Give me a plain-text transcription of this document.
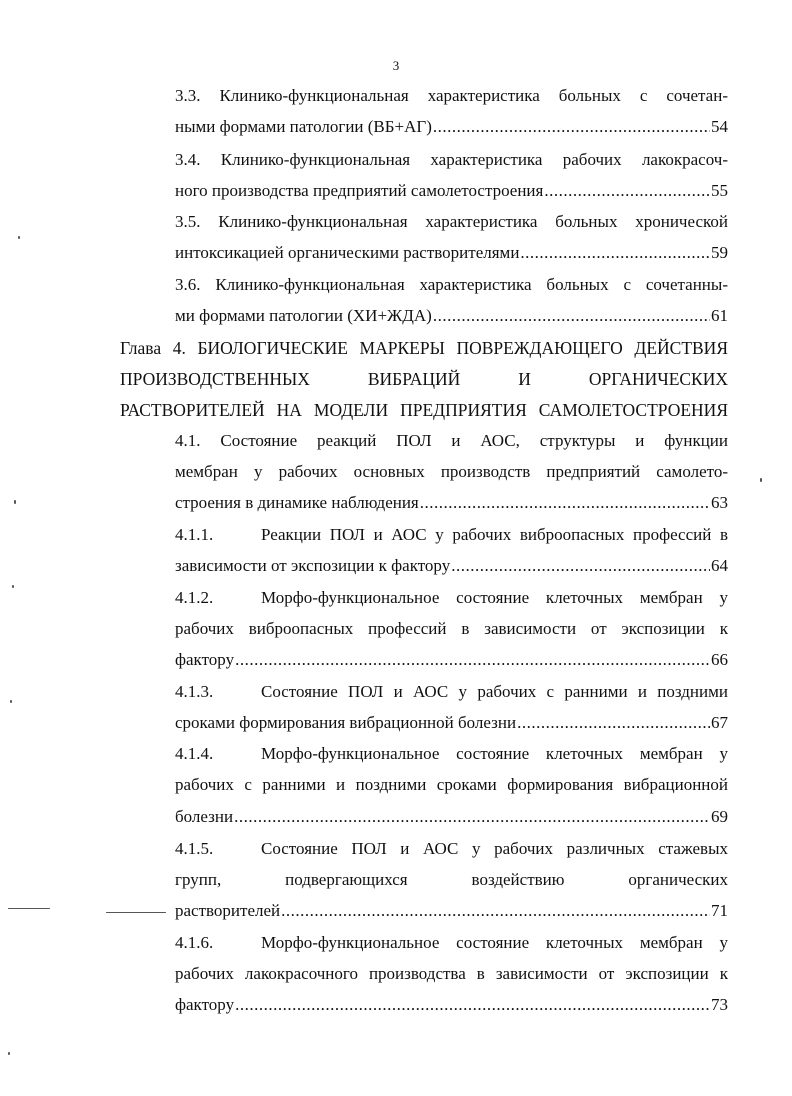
3
3.3. Клинико-функциональная характеристика больных с сочетан-
ными формами патологии (ВБ+АГ) .....	54
3.4. Клинико-функциональная характеристика рабочих лакокрасоч-
ного производства предприятий самолетостроения .....	55
3.5. Клинико-функциональная характеристика больных хронической
интоксикацией органическими растворителями .....	59
3.6. Клинико-функциональная характеристика больных с сочетанны-
ми формами патологии (ХИ+ЖДА) .....	61
Глава 4. БИОЛОГИЧЕСКИЕ МАРКЕРЫ ПОВРЕЖДАЮЩЕГО ДЕЙСТВИЯ
ПРОИЗВОДСТВЕННЫХ ВИБРАЦИЙ И ОРГАНИЧЕСКИХ
РАСТВОРИТЕЛЕЙ НА МОДЕЛИ ПРЕДПРИЯТИЯ САМОЛЕТОСТРОЕНИЯ
4.1. Состояние реакций ПОЛ и АОС, структуры и функции
мембран у рабочих основных производств предприятий самолето-
строения в динамике наблюдения .....	63
4.1.1.	Реакции ПОЛ и АОС у рабочих виброопасных профессий в
зависимости от экспозиции к фактору .....	64
4.1.2.	Морфо-функциональное состояние клеточных мембран у
рабочих виброопасных профессий в зависимости от экспозиции к
фактору .....	66
4.1.3.	Состояние ПОЛ и АОС у рабочих с ранними и поздними
сроками формирования вибрационной болезни .....	67
4.1.4.	Морфо-функциональное состояние клеточных мембран у
рабочих с ранними и поздними сроками формирования вибрационной
болезни .....	69
4.1.5.	Состояние ПОЛ и АОС у рабочих различных стажевых
групп, подвергающихся воздействию органических
растворителей .....	71
4.1.6.	Морфо-функциональное состояние клеточных мембран у
рабочих лакокрасочного производства в зависимости от экспозиции к
фактору .....	73
